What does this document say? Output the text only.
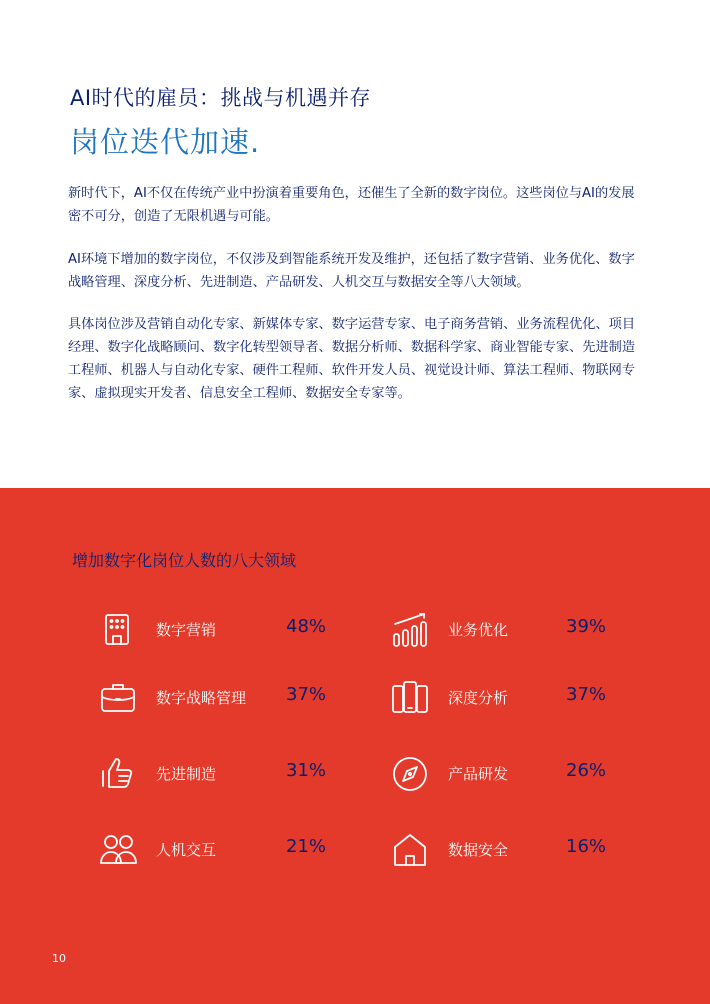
AI时代的雇员：挑战与机遇并存
岗位迭代加速.

新时代下，AI不仅在传统产业中扮演着重要角色，还催生了全新的数字岗位。这些岗位与AI的发展密不可分，创造了无限机遇与可能。

AI环境下增加的数字岗位，不仅涉及到智能系统开发及维护，还包括了数字营销、业务优化、数字战略管理、深度分析、先进制造、产品研发、人机交互与数据安全等八大领域。

具体岗位涉及营销自动化专家、新媒体专家、数字运营专家、电子商务营销、业务流程优化、项目经理、数字化战略顾问、数字化转型领导者、数据分析师、数据科学家、商业智能专家、先进制造工程师、机器人与自动化专家、硬件工程师、软件开发人员、视觉设计师、算法工程师、物联网专家、虚拟现实开发者、信息安全工程师、数据安全专家等。

增加数字化岗位人数的八大领域
数字营销	48%	业务优化	39%
数字战略管理 37%	深度分析	37%
先进制造	31%	产品研发	26%
人机交互	21%	数据安全	16%
10
